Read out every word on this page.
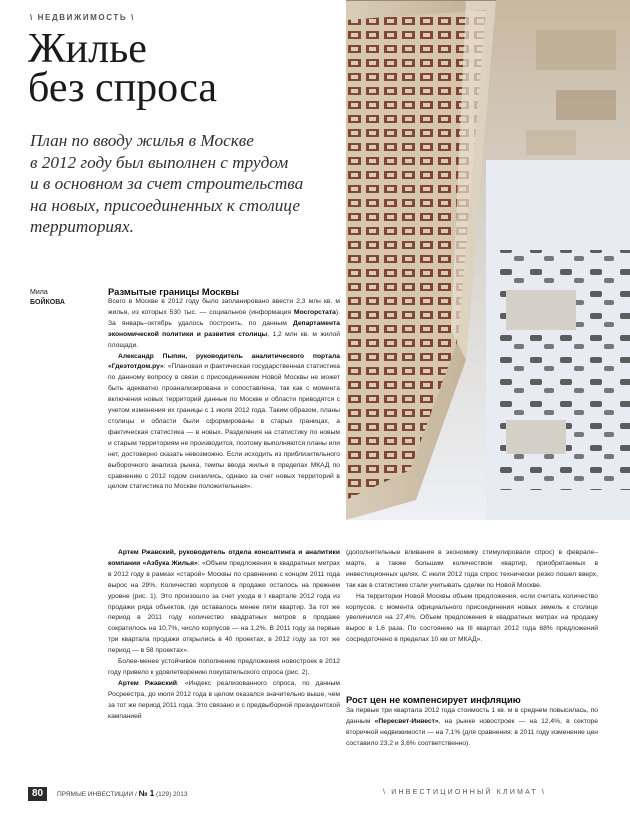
\ НЕДВИЖИМОСТЬ \
Жилье
без спроса
План по вводу жилья в Москве
в 2012 году был выполнен с трудом
и в основном за счет строительства
на новых, присоединенных к столице
территориях.
Мила
БОЙКОВА
Размытые границы Москвы

Всего в Москве в 2012 году было запланировано ввести 2,3 млн кв. м жилья, из которых 530 тыс. — социальное (информация Мосгорстата). За январь–октябрь удалось построить, по данным Департамента экономической политики и развития столицы, 1,2 млн кв. м жилой площади.

Александр Пыпин, руководитель аналитического портала «Гдеэтотдом.ру»: «Плановая и фактическая государственная статистика по данному вопросу в связи с присоединением Новой Москвы не может быть адекватно проанализирована и сопоставлена, так как с момента включения новых территорий данные по Москве и области приводятся с учетом изменения их границы с 1 июля 2012 года. Таким образом, планы столицы и области были сформированы в старых границах, а фактическая статистика — в новых. Разделения на статистику по новым и старым территориям не производится, поэтому выполняются планы или нет, достоверно сказать невозможно. Если исходить из приблизительного выборочного анализа рынка, темпы ввода жилья в пределах МКАД по сравнению с 2012 годом снизились, однако за счет новых территорий в целом статистика по Москве положительная».

Артем Ржавский, руководитель отдела консалтинга и аналитики компании «Азбука Жилья»: «Объем предложения в квадратных метрах в 2012 году в рамках «старой» Москвы по сравнению с концом 2011 года вырос на 29%. Количество корпусов в продаже осталось на прежнем уровне (рис. 1). Это произошло за счет ухода в I квартале 2012 года из продажи ряда объектов, где оставалось менее пяти квартир. За тот же период в 2011 году количество квадратных метров в продаже сократилось на 10,7%, число корпусов — на 1,2%. В 2011 году за первые три квартала продажи открылись в 40 проектах, в 2012 году за тот же период — в 58 проектах».

Более-менее устойчивое пополнение предложения новостроек в 2012 году привело к удовлетворению покупательского спроса (рис. 2).

Артем Ржавский: «Индекс реализованного спроса, по данным Росреестра, до июля 2012 года в целом оказался значительно выше, чем за тот же период 2011 года. Это связано и с предвыборной президентской кампанией

(дополнительные вливания в экономику стимулировали спрос) в феврале–марте, а также большим количеством квартир, приобретаемых в инвестиционных целях. С июля 2012 года спрос технически резко пошел вверх, так как в статистике стали учитывать сделки по Новой Москве.

На территории Новой Москвы объем предложения, если считать количество корпусов, с момента официального присоединения новых земель к столице увеличился на 27,4%. Объем предложения в квадратных метрах на продажу вырос в 1,6 раза. По состоянию на III квартал 2012 года 68% предложений сосредоточено в пределах 10 км от МКАД».

Рост цен не компенсирует инфляцию

За первые три квартала 2012 года стоимость 1 кв. м в среднем повысилась, по данным «Пересвет-Инвест», на рынке новостроек — на 12,4%, в секторе вторичной недвижимости — на 7,1% (для сравнения: в 2011 году изменение цен составило 23,2 и 3,6% соответственно).

80	ПРЯМЫЕ ИНВЕСТИЦИИ / № 1 (129) 2013	\ ИНВЕСТИЦИОННЫЙ КЛИМАТ \
